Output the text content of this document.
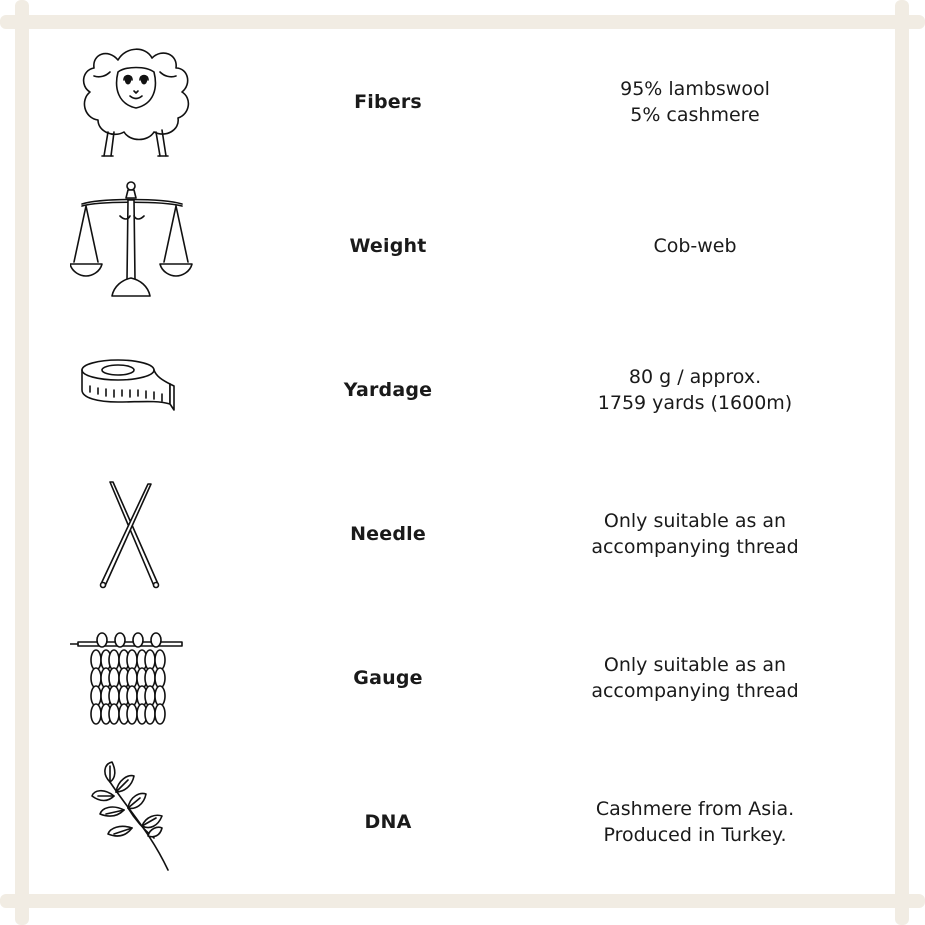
Fibers
95% lambswool
5% cashmere
Weight	Cob-web
Yardage
80 g / approx.
1759 yards (1600m)
Needle
Only suitable as an
accompanying thread
Gauge
Only suitable as an
accompanying thread
DNA
Cashmere from Asia.
Produced in Turkey.
